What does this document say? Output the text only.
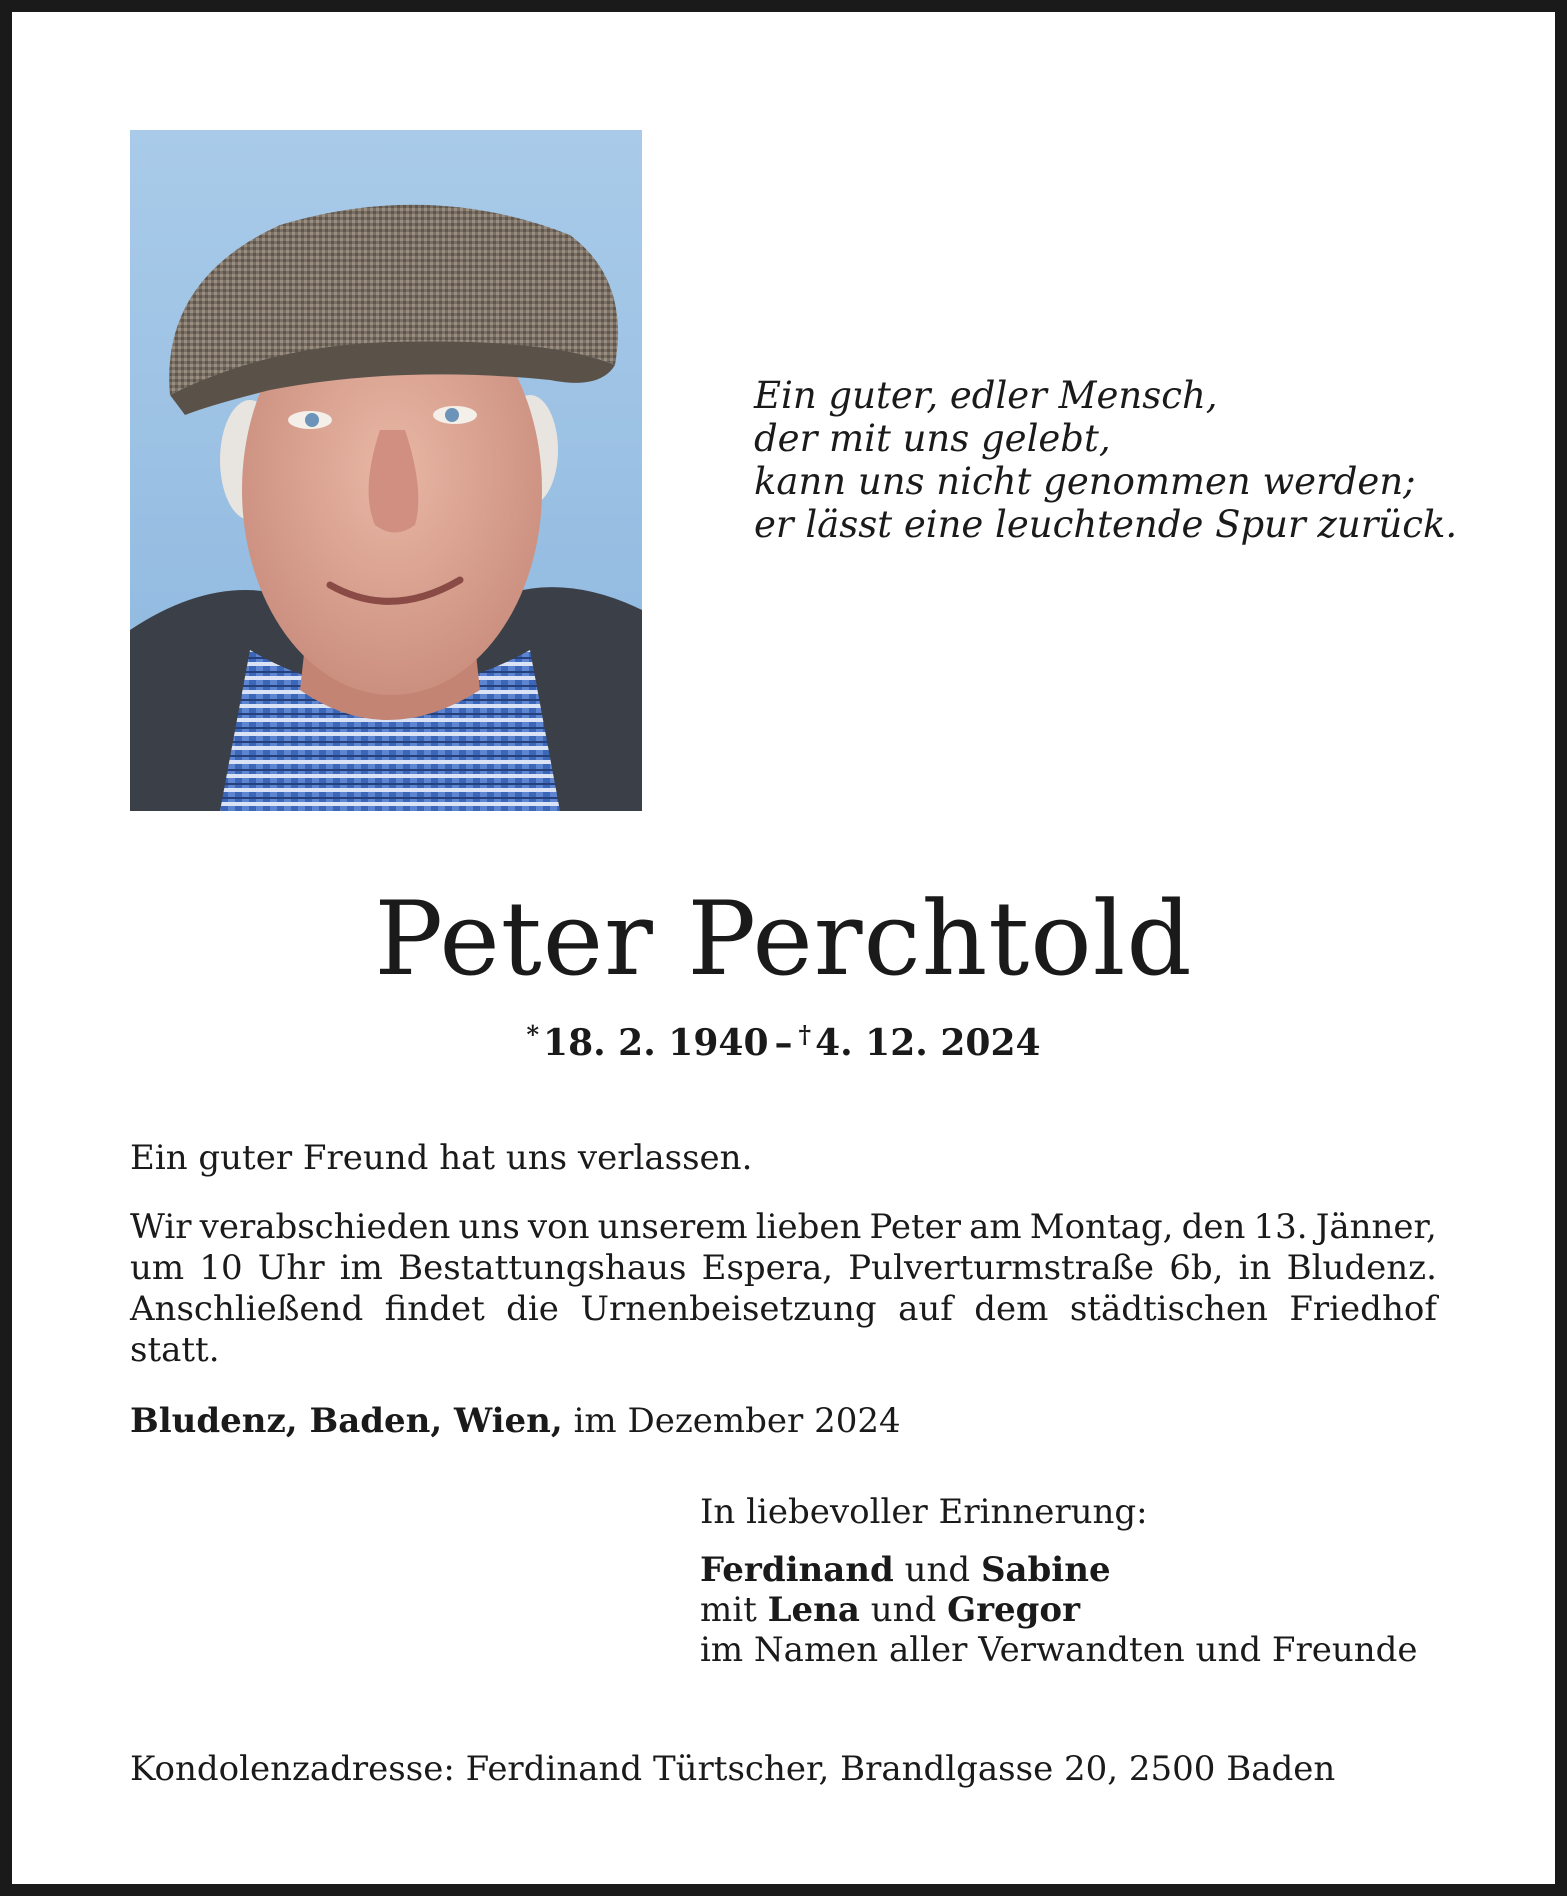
Ein guter, edler Mensch,
der mit uns gelebt,
kann uns nicht genommen werden;
er lässt eine leuchtende Spur zurück.
Peter Perchtold
* 18. 2. 1940 – † 4. 12. 2024
Ein guter Freund hat uns verlassen.
Wir verabschieden uns von unserem lieben Peter am Montag, den 13. Jänner,
um 10 Uhr im Bestattungshaus Espera, Pulverturmstraße 6b, in Bludenz.
Anschließend findet die Urnenbeisetzung auf dem städtischen Friedhof
statt.
Bludenz, Baden, Wien, im Dezember 2024
In liebevoller Erinnerung:
Ferdinand und Sabine
mit Lena und Gregor
im Namen aller Verwandten und Freunde
Kondolenzadresse: Ferdinand Türtscher, Brandlgasse 20, 2500 Baden
